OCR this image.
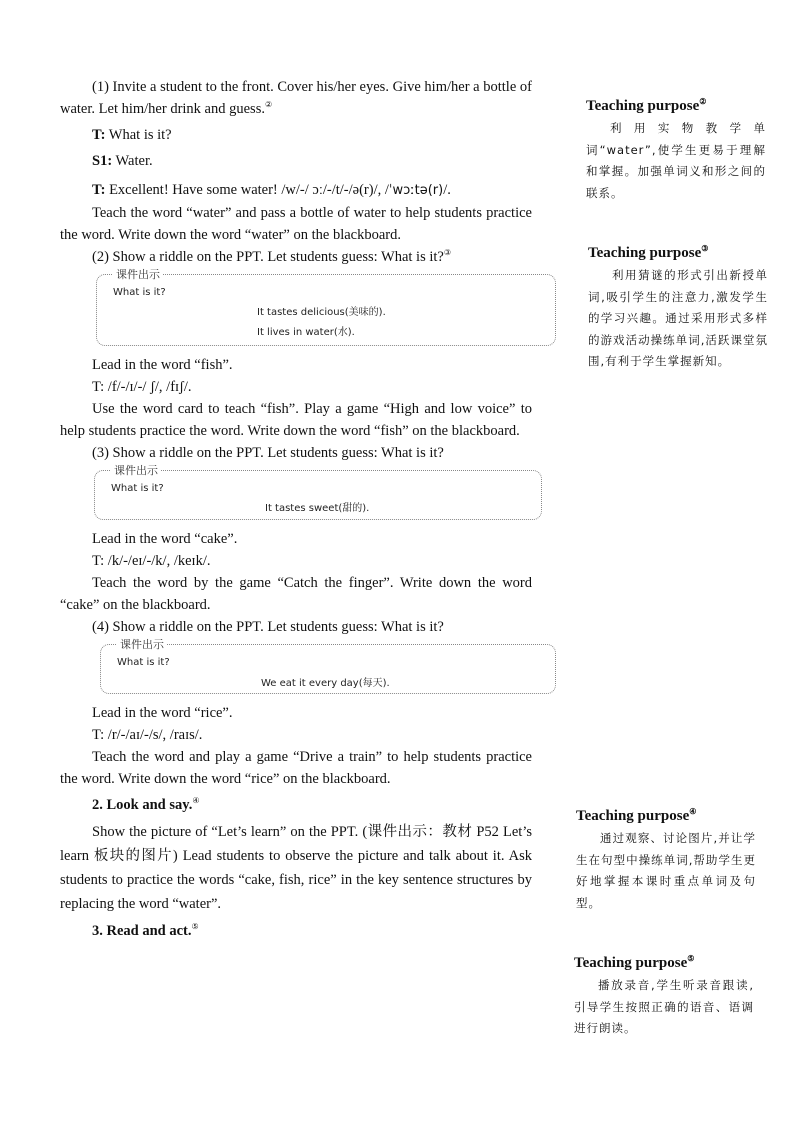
(1) Invite a student to the front. Cover his/her eyes. Give him/her a bottle of water. Let him/her drink and guess.②

T: What is it?

S1: Water.

T: Excellent! Have some water! /w/-/ ɔː/-/t/-/ə(r)/, /ˈwɔːtə(r)/.

Teach the word “water” and pass a bottle of water to help students practice the word. Write down the word “water” on the blackboard.

(2) Show a riddle on the PPT. Let students guess: What is it?③

课件出示
What is it?
It tastes delicious(美味的).
It lives in water(水).

Lead in the word “fish”.

T: /f/-/ɪ/-/ ʃ/, /fɪʃ/.

Use the word card to teach “fish”. Play a game “High and low voice” to help students practice the word. Write down the word “fish” on the blackboard.

(3) Show a riddle on the PPT. Let students guess: What is it?

课件出示
What is it?
It tastes sweet(甜的).

Lead in the word “cake”.

T: /k/-/eɪ/-/k/, /keɪk/.

Teach the word by the game “Catch the finger”. Write down the word “cake” on the blackboard.

(4) Show a riddle on the PPT. Let students guess: What is it?

课件出示
What is it?
We eat it every day(每天).

Lead in the word “rice”.

T: /r/-/aɪ/-/s/, /raɪs/.

Teach the word and play a game “Drive a train” to help students practice the word. Write down the word “rice” on the blackboard.

2. Look and say.④

Show the picture of “Let’s learn” on the PPT. (课件出示：教材 P52 Let’s learn 板块的图片) Lead students to observe the picture and talk about it. Ask students to practice the words “cake, fish, rice” in the key sentence structures by replacing the word “water”.

3. Read and act.⑤

Teaching purpose②

利用实物教学单词“water”,使学生更易于理解和掌握。加强单词义和形之间的联系。

Teaching purpose③

利用猜谜的形式引出新授单词,吸引学生的注意力,激发学生的学习兴趣。通过采用形式多样的游戏活动操练单词,活跃课堂氛围,有利于学生掌握新知。

Teaching purpose④

通过观察、讨论图片,并让学生在句型中操练单词,帮助学生更好地掌握本课时重点单词及句型。

Teaching purpose⑤

播放录音,学生听录音跟读,引导学生按照正确的语音、语调进行朗读。
